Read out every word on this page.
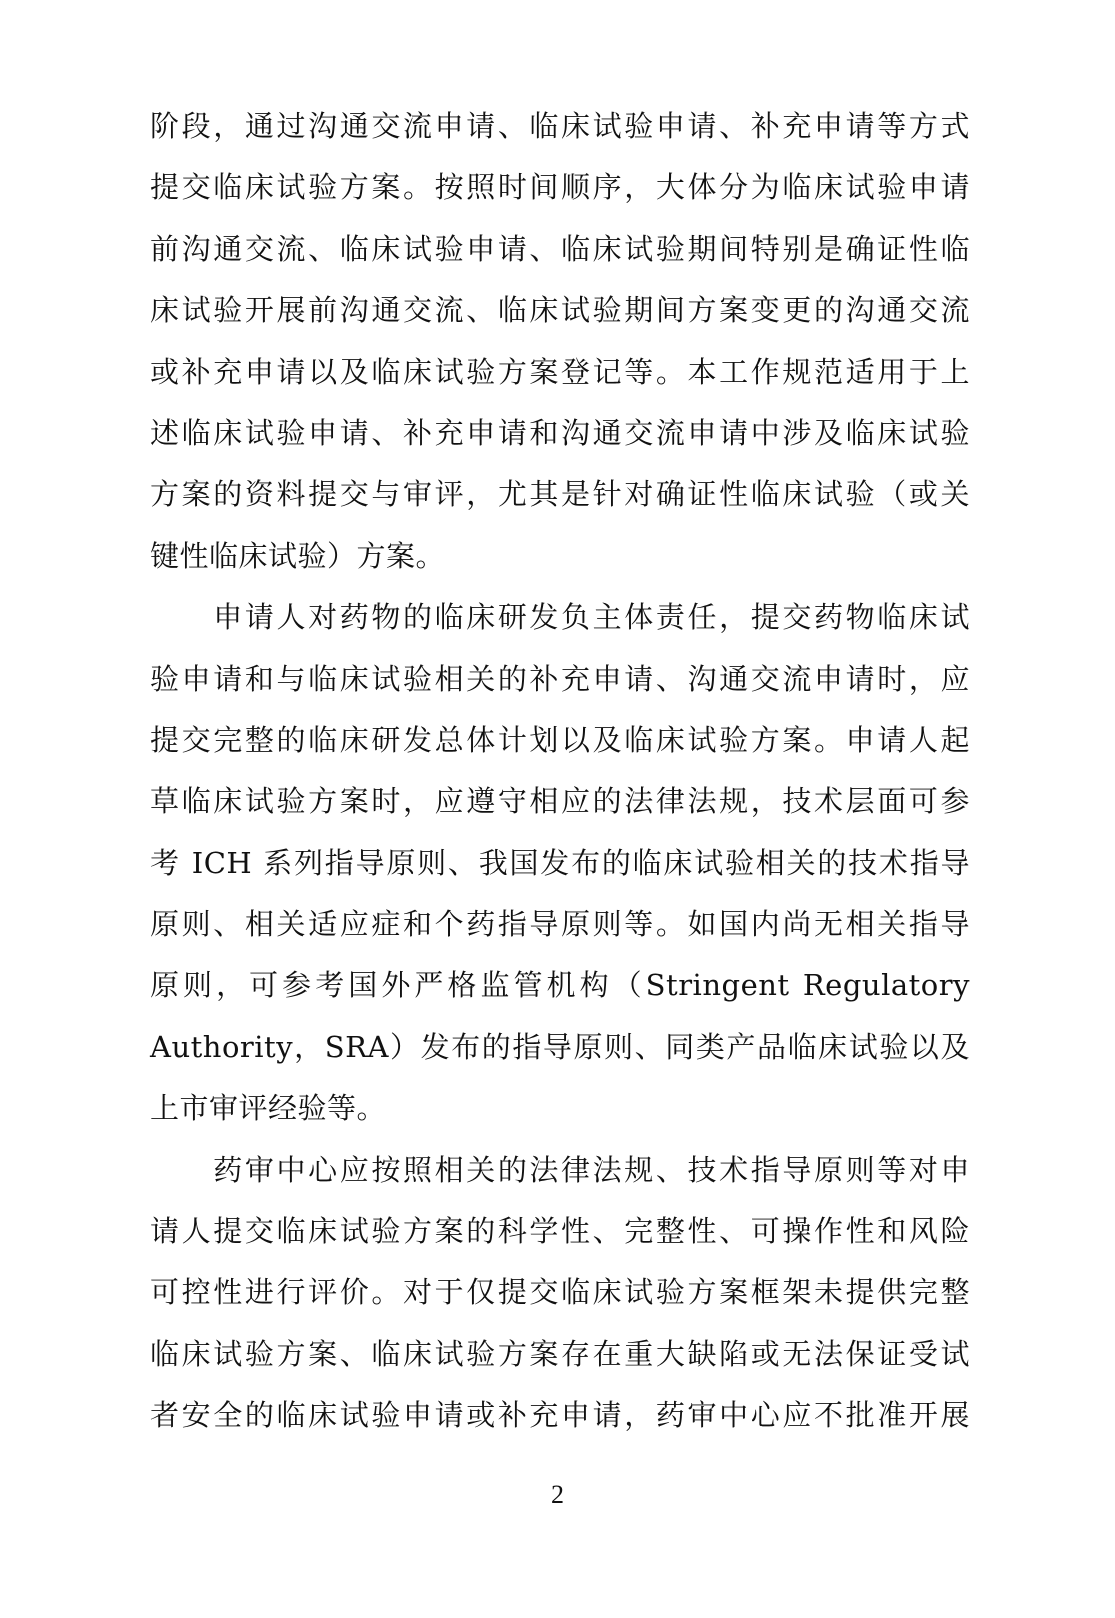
阶段，通过沟通交流申请、临床试验申请、补充申请等方式
提交临床试验方案。按照时间顺序，大体分为临床试验申请
前沟通交流、临床试验申请、临床试验期间特别是确证性临
床试验开展前沟通交流、临床试验期间方案变更的沟通交流
或补充申请以及临床试验方案登记等。本工作规范适用于上
述临床试验申请、补充申请和沟通交流申请中涉及临床试验
方案的资料提交与审评，尤其是针对确证性临床试验（或关
键性临床试验）方案。
　　申请人对药物的临床研发负主体责任，提交药物临床试
验申请和与临床试验相关的补充申请、沟通交流申请时，应
提交完整的临床研发总体计划以及临床试验方案。申请人起
草临床试验方案时，应遵守相应的法律法规，技术层面可参
考 ICH 系列指导原则、我国发布的临床试验相关的技术指导
原则、相关适应症和个药指导原则等。如国内尚无相关指导
原则，可参考国外严格监管机构（Stringent Regulatory
Authority，SRA）发布的指导原则、同类产品临床试验以及
上市审评经验等。
　　药审中心应按照相关的法律法规、技术指导原则等对申
请人提交临床试验方案的科学性、完整性、可操作性和风险
可控性进行评价。对于仅提交临床试验方案框架未提供完整
临床试验方案、临床试验方案存在重大缺陷或无法保证受试
者安全的临床试验申请或补充申请，药审中心应不批准开展
2
